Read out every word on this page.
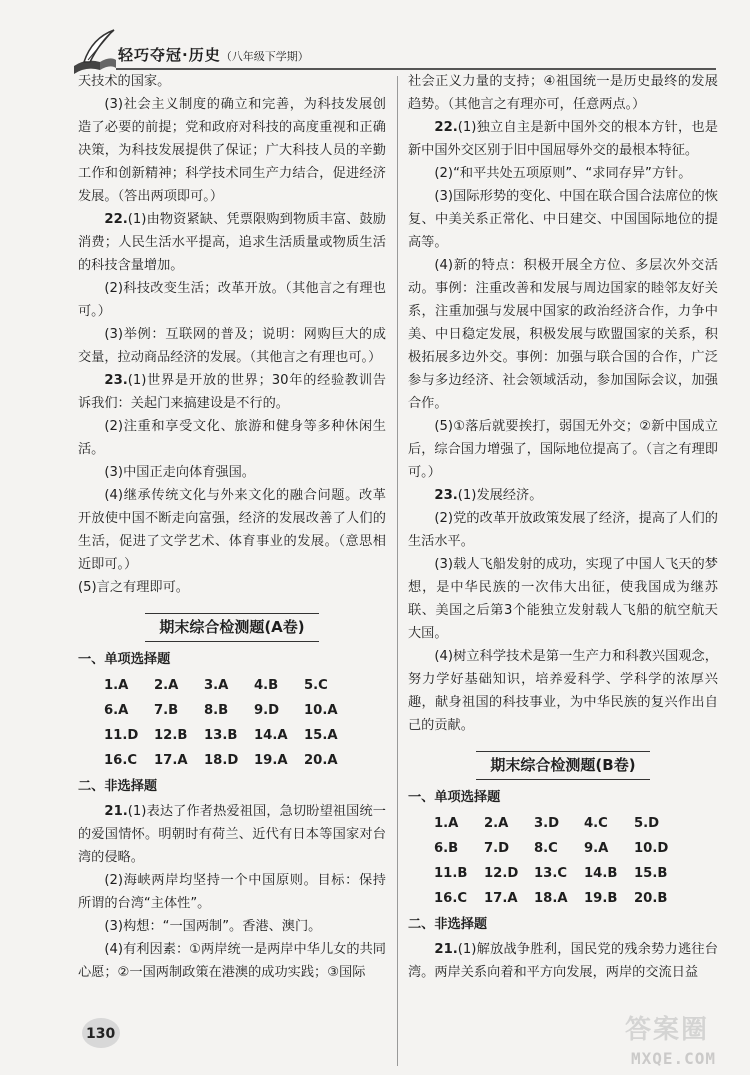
轻巧夺冠·历史（八年级下学期）

天技术的国家。

(3)社会主义制度的确立和完善，为科技发展创造了必要的前提；党和政府对科技的高度重视和正确决策，为科技发展提供了保证；广大科技人员的辛勤工作和创新精神；科学技术同生产力结合，促进经济发展。（答出两项即可。）

22.(1)由物资紧缺、凭票限购到物质丰富、鼓励消费；人民生活水平提高，追求生活质量或物质生活的科技含量增加。

(2)科技改变生活；改革开放。（其他言之有理也可。）

(3)举例：互联网的普及；说明：网购巨大的成交量，拉动商品经济的发展。（其他言之有理也可。）

23.(1)世界是开放的世界；30年的经验教训告诉我们：关起门来搞建设是不行的。

(2)注重和享受文化、旅游和健身等多种休闲生活。

(3)中国正走向体育强国。

(4)继承传统文化与外来文化的融合问题。改革开放使中国不断走向富强，经济的发展改善了人们的生活，促进了文学艺术、体育事业的发展。（意思相近即可。）

(5)言之有理即可。

期末综合检测题(A卷)
一、单项选择题
1.A	2.A	3.A	4.B	5.C
6.A	7.B	8.B	9.D	10.A
11.D	12.B	13.B	14.A	15.A
16.C	17.A	18.D	19.A	20.A
二、非选择题

21.(1)表达了作者热爱祖国，急切盼望祖国统一的爱国情怀。明朝时有荷兰、近代有日本等国家对台湾的侵略。

(2)海峡两岸均坚持一个中国原则。目标：保持所谓的台湾“主体性”。

(3)构想：“一国两制”。香港、澳门。

(4)有利因素：①两岸统一是两岸中华儿女的共同心愿；②一国两制政策在港澳的成功实践；③国际

社会正义力量的支持；④祖国统一是历史最终的发展趋势。（其他言之有理亦可，任意两点。）

22.(1)独立自主是新中国外交的根本方针，也是新中国外交区别于旧中国屈辱外交的最根本特征。

(2)“和平共处五项原则”、“求同存异”方针。

(3)国际形势的变化、中国在联合国合法席位的恢复、中美关系正常化、中日建交、中国国际地位的提高等。

(4)新的特点：积极开展全方位、多层次外交活动。事例：注重改善和发展与周边国家的睦邻友好关系，注重加强与发展中国家的政治经济合作，力争中美、中日稳定发展，积极发展与欧盟国家的关系，积极拓展多边外交。事例：加强与联合国的合作，广泛参与多边经济、社会领域活动，参加国际会议，加强合作。

(5)①落后就要挨打，弱国无外交；②新中国成立后，综合国力增强了，国际地位提高了。（言之有理即可。）

23.(1)发展经济。

(2)党的改革开放政策发展了经济，提高了人们的生活水平。

(3)载人飞船发射的成功，实现了中国人飞天的梦想，是中华民族的一次伟大出征，使我国成为继苏联、美国之后第3个能独立发射载人飞船的航空航天大国。

(4)树立科学技术是第一生产力和科教兴国观念，努力学好基础知识，培养爱科学、学科学的浓厚兴趣，献身祖国的科技事业，为中华民族的复兴作出自己的贡献。

期末综合检测题(B卷)
一、单项选择题
1.A	2.A	3.D	4.C	5.D
6.B	7.D	8.C	9.A	10.D
11.B	12.D	13.C	14.B	15.B
16.C	17.A	18.A	19.B	20.B
二、非选择题

21.(1)解放战争胜利，国民党的残余势力逃往台湾。两岸关系向着和平方向发展，两岸的交流日益

130	答案圈
MXQE.COM
